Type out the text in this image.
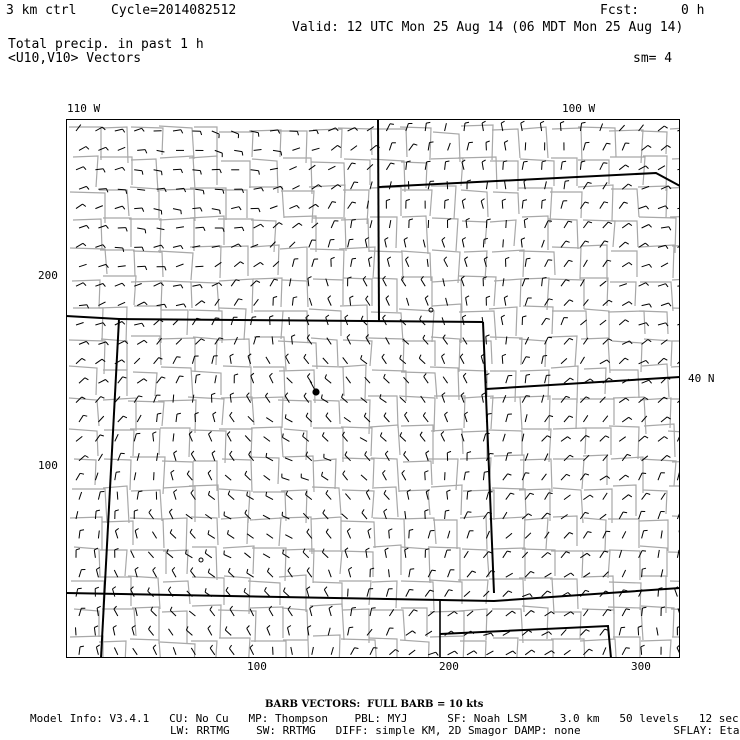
3 km ctrl	Cycle=2014082512	Fcst:	0 h
Valid: 12 UTC Mon 25 Aug 14 (06 MDT Mon 25 Aug 14)
Total precip. in past 1 h
<U10,V10> Vectors	sm= 4
110 W	100 W
40 N
200
100
100	200	300
BARB VECTORS:  FULL BARB = 10 kts
Model Info: V3.4.1   CU: No Cu   MP: Thompson    PBL: MYJ      SF: Noah LSM     3.0 km   50 levels   12 sec
LW: RRTMG    SW: RRTMG   DIFF: simple KM, 2D Smagor DAMP: none              SFLAY: Eta
